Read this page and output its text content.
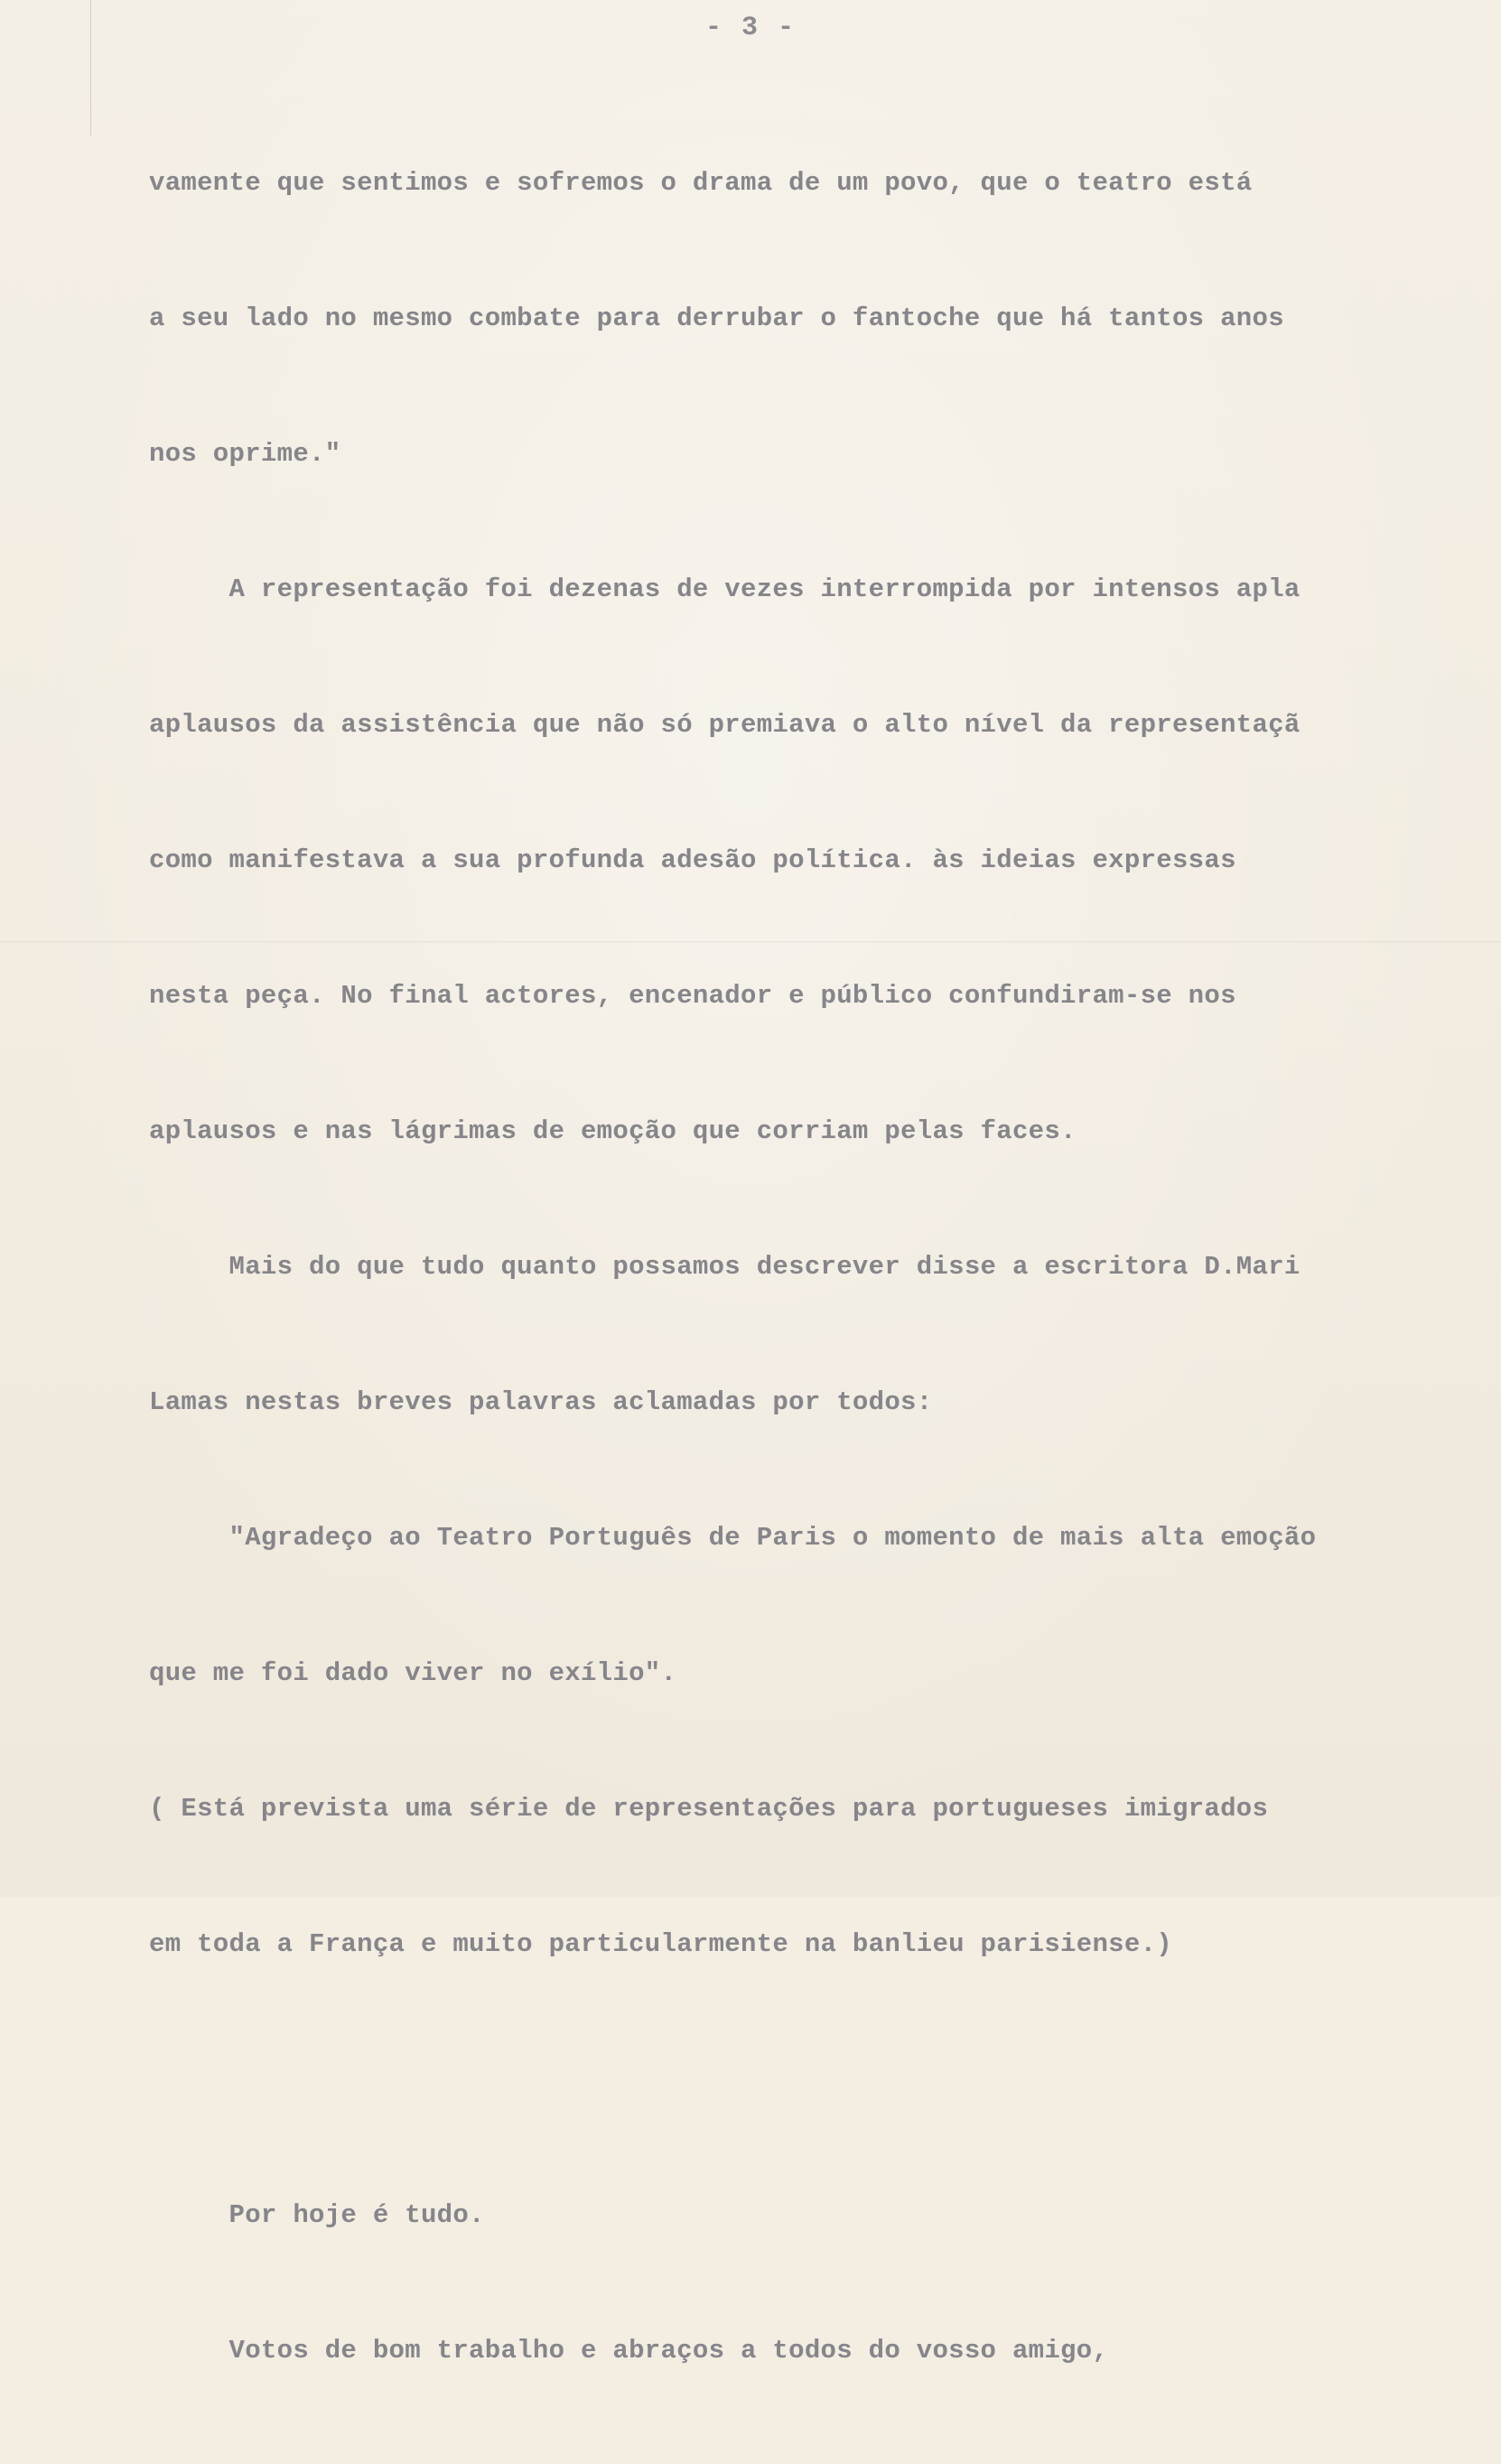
- 3 -

vamente que sentimos e sofremos o drama de um povo, que o teatro está

a seu lado no mesmo combate para derrubar o fantoche que há tantos anos

nos oprime."

A representação foi dezenas de vezes interrompida por intensos apla

aplausos da assistência que não só premiava o alto nível da representaçã

como manifestava a sua profunda adesão política. às ideias expressas

nesta peça. No final actores, encenador e público confundiram-se nos

aplausos e nas lágrimas de emoção que corriam pelas faces.

Mais do que tudo quanto possamos descrever disse a escritora D.Mari

Lamas nestas breves palavras aclamadas por todos:

"Agradeço ao Teatro Português de Paris o momento de mais alta emoção

que me foi dado viver no exílio".

( Está prevista uma série de representações para portugueses imigrados

em toda a França e muito particularmente na banlieu parisiense.)

Por hoje é tudo.

Votos de bom trabalho e abraços a todos do vosso amigo,
